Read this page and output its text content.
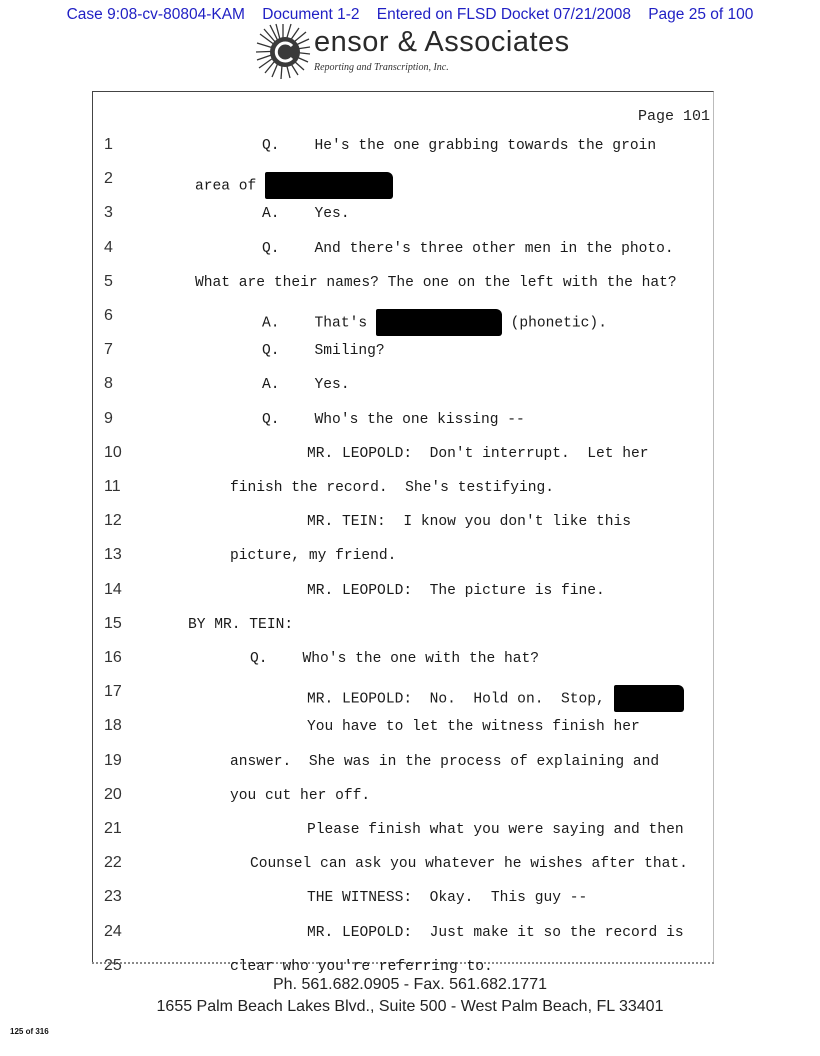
Case 9:08-cv-80804-KAM Document 1-2 Entered on FLSD Docket 07/21/2008 Page 25 of 100
ensor & Associates
Reporting and Transcription, Inc.
Page 101
1	Q.    He's the one grabbing towards the groin
2	area of
3	A.    Yes.
4	Q.    And there's three other men in the photo.
5	What are their names? The one on the left with the hat?
6	A.    That's	(phonetic).
7	Q.    Smiling?
8	A.    Yes.
9	Q.    Who's the one kissing --
10	MR. LEOPOLD:  Don't interrupt.  Let her
11	finish the record.  She's testifying.
12	MR. TEIN:  I know you don't like this
13	picture, my friend.
14	MR. LEOPOLD:  The picture is fine.
15	BY MR. TEIN:
16	Q.    Who's the one with the hat?
17	MR. LEOPOLD:  No.  Hold on.  Stop,
18	You have to let the witness finish her
19	answer.  She was in the process of explaining and
20	you cut her off.
21	Please finish what you were saying and then
22	Counsel can ask you whatever he wishes after that.
23	THE WITNESS:  Okay.  This guy --
24	MR. LEOPOLD:  Just make it so the record is
25	clear who you're referring to.
Ph. 561.682.0905 - Fax. 561.682.1771
1655 Palm Beach Lakes Blvd., Suite 500 - West Palm Beach, FL 33401
125 of 316
